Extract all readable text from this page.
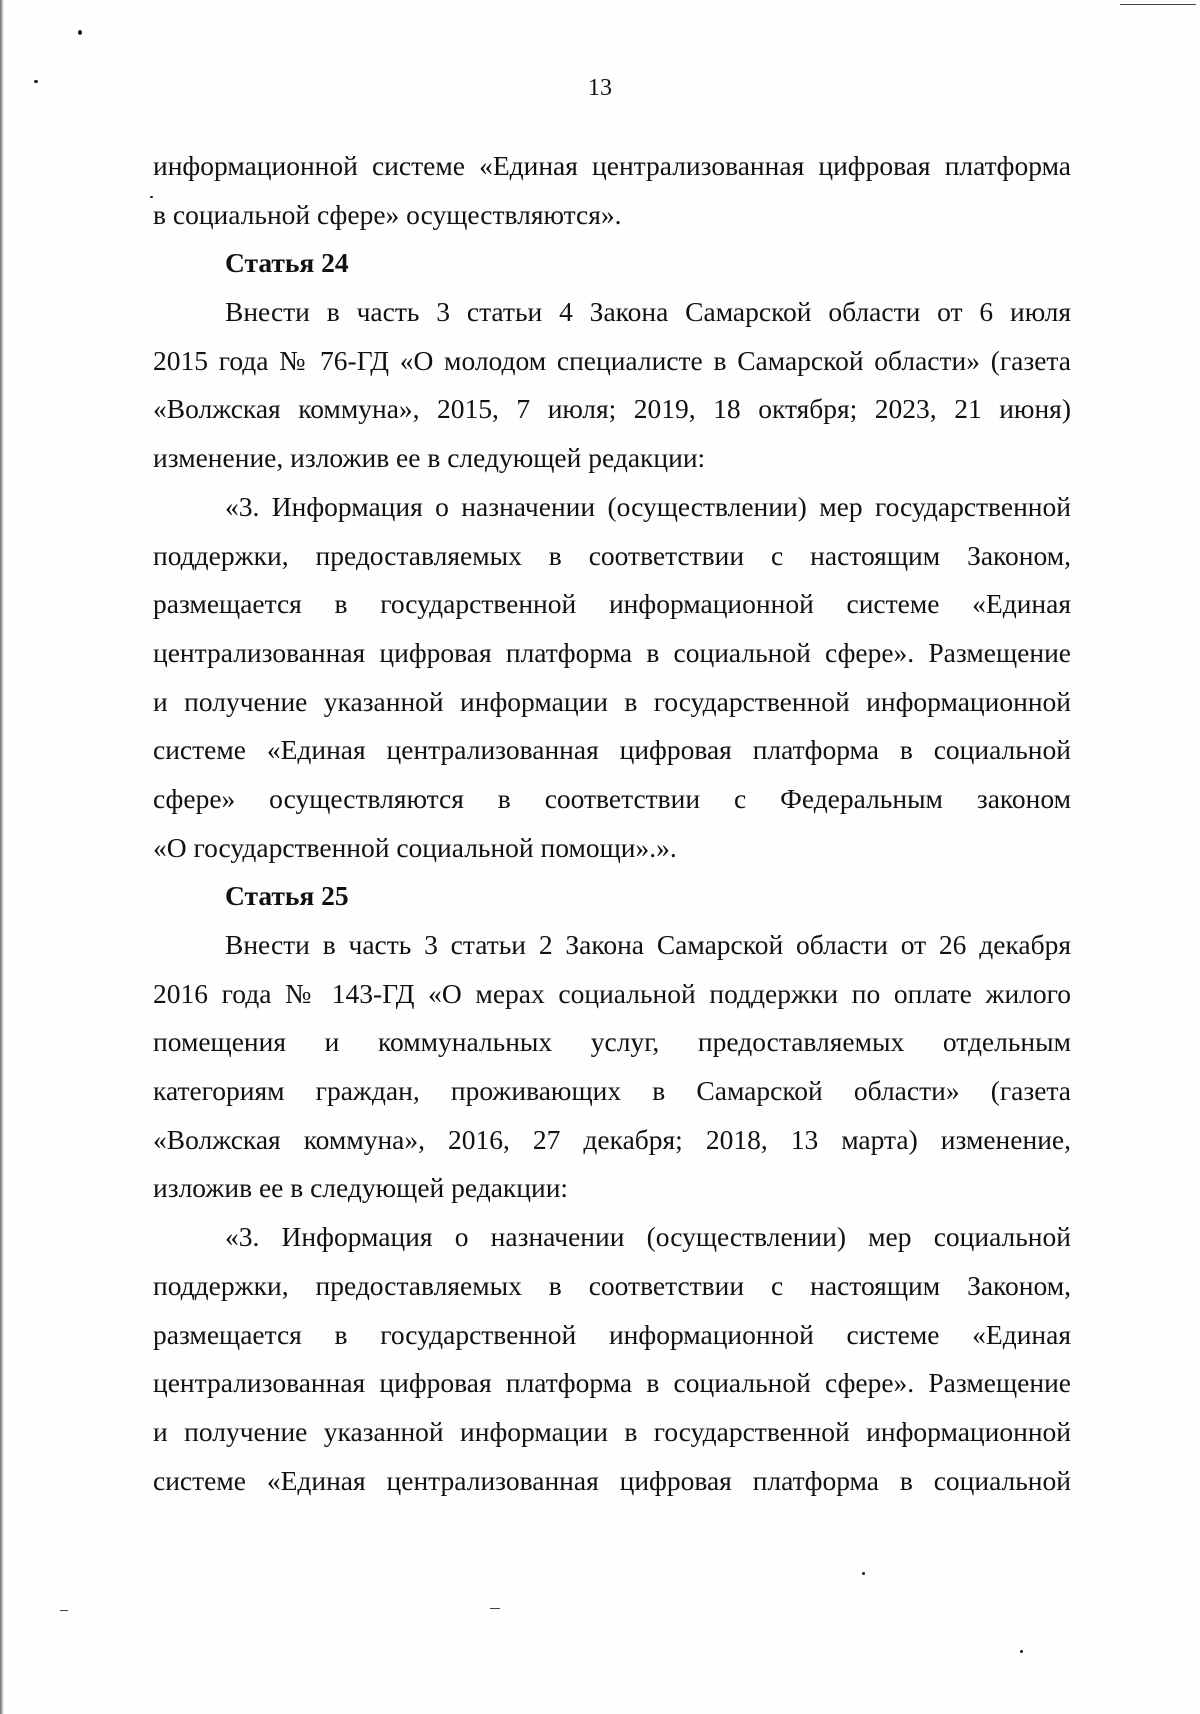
13
информационной системе «Единая централизованная цифровая платформа
в социальной сфере» осуществляются».
Статья 24
Внести в часть 3 статьи 4 Закона Самарской области от 6 июля
2015 года № 76-ГД «О молодом специалисте в Самарской области» (газета
«Волжская коммуна», 2015, 7 июля; 2019, 18 октября; 2023, 21 июня)
изменение, изложив ее в следующей редакции:
«3. Информация о назначении (осуществлении) мер государственной
поддержки, предоставляемых в соответствии с настоящим Законом,
размещается в государственной информационной системе «Единая
централизованная цифровая платформа в социальной сфере». Размещение
и получение указанной информации в государственной информационной
системе «Единая централизованная цифровая платформа в социальной
сфере» осуществляются в соответствии с Федеральным законом
«О государственной социальной помощи».».
Статья 25
Внести в часть 3 статьи 2 Закона Самарской области от 26 декабря
2016 года № 143-ГД «О мерах социальной поддержки по оплате жилого
помещения и коммунальных услуг, предоставляемых отдельным
категориям граждан, проживающих в Самарской области» (газета
«Волжская коммуна», 2016, 27 декабря; 2018, 13 марта) изменение,
изложив ее в следующей редакции:
«3. Информация о назначении (осуществлении) мер социальной
поддержки, предоставляемых в соответствии с настоящим Законом,
размещается в государственной информационной системе «Единая
централизованная цифровая платформа в социальной сфере». Размещение
и получение указанной информации в государственной информационной
системе «Единая централизованная цифровая платформа в социальной
